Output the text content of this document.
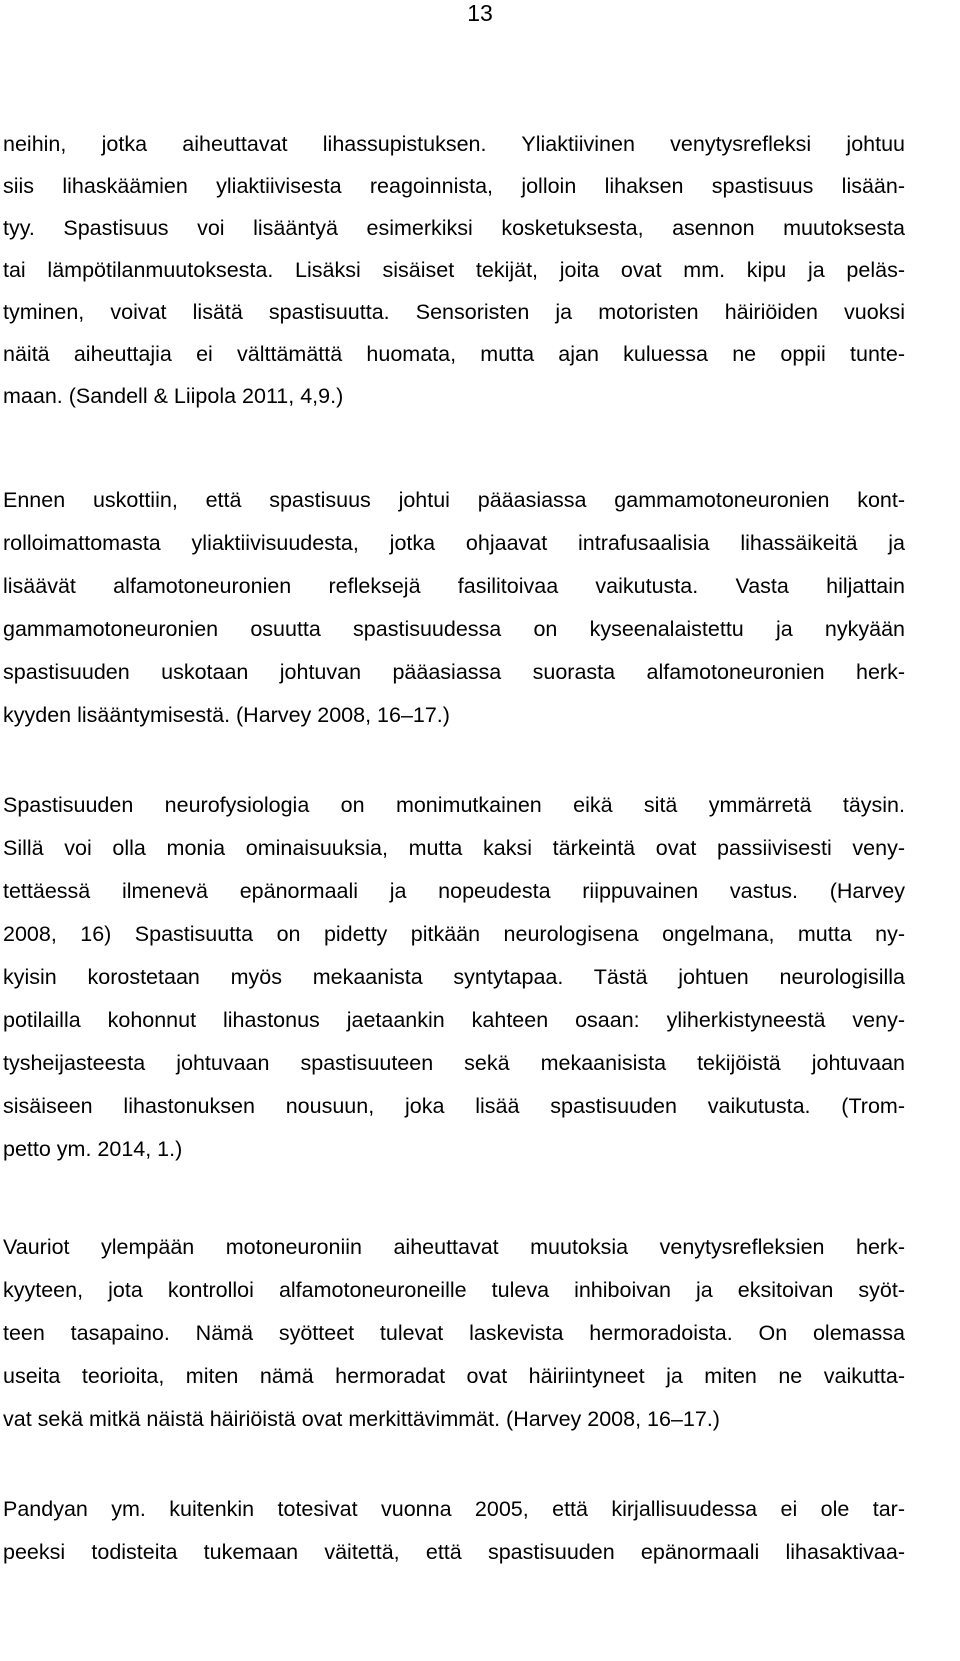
13
neihin, jotka aiheuttavat lihassupistuksen. Yliaktiivinen venytysrefleksi johtuu
siis lihaskäämien yliaktiivisesta reagoinnista, jolloin lihaksen spastisuus lisään-
tyy. Spastisuus voi lisääntyä esimerkiksi kosketuksesta, asennon muutoksesta
tai lämpötilanmuutoksesta. Lisäksi sisäiset tekijät, joita ovat mm. kipu ja peläs-
tyminen, voivat lisätä spastisuutta. Sensoristen ja motoristen häiriöiden vuoksi
näitä aiheuttajia ei välttämättä huomata, mutta ajan kuluessa ne oppii tunte-
maan. (Sandell & Liipola 2011, 4,9.)
Ennen uskottiin, että spastisuus johtui pääasiassa gammamotoneuronien kont-
rolloimattomasta yliaktiivisuudesta, jotka ohjaavat intrafusaalisia lihassäikeitä ja
lisäävät alfamotoneuronien refleksejä fasilitoivaa vaikutusta. Vasta hiljattain
gammamotoneuronien osuutta spastisuudessa on kyseenalaistettu ja nykyään
spastisuuden uskotaan johtuvan pääasiassa suorasta alfamotoneuronien herk-
kyyden lisääntymisestä. (Harvey 2008, 16–17.)
Spastisuuden neurofysiologia on monimutkainen eikä sitä ymmärretä täysin.
Sillä voi olla monia ominaisuuksia, mutta kaksi tärkeintä ovat passiivisesti veny-
tettäessä ilmenevä epänormaali ja nopeudesta riippuvainen vastus. (Harvey
2008, 16) Spastisuutta on pidetty pitkään neurologisena ongelmana, mutta ny-
kyisin korostetaan myös mekaanista syntytapaa. Tästä johtuen neurologisilla
potilailla kohonnut lihastonus jaetaankin kahteen osaan: yliherkistyneestä veny-
tysheijasteesta johtuvaan spastisuuteen sekä mekaanisista tekijöistä johtuvaan
sisäiseen lihastonuksen nousuun, joka lisää spastisuuden vaikutusta. (Trom-
petto ym. 2014, 1.)
Vauriot ylempään motoneuroniin aiheuttavat muutoksia venytysrefleksien herk-
kyyteen, jota kontrolloi alfamotoneuroneille tuleva inhiboivan ja eksitoivan syöt-
teen tasapaino. Nämä syötteet tulevat laskevista hermoradoista. On olemassa
useita teorioita, miten nämä hermoradat ovat häiriintyneet ja miten ne vaikutta-
vat sekä mitkä näistä häiriöistä ovat merkittävimmät. (Harvey 2008, 16–17.)
Pandyan ym. kuitenkin totesivat vuonna 2005, että kirjallisuudessa ei ole tar-
peeksi todisteita tukemaan väitettä, että spastisuuden epänormaali lihasaktivaa-
